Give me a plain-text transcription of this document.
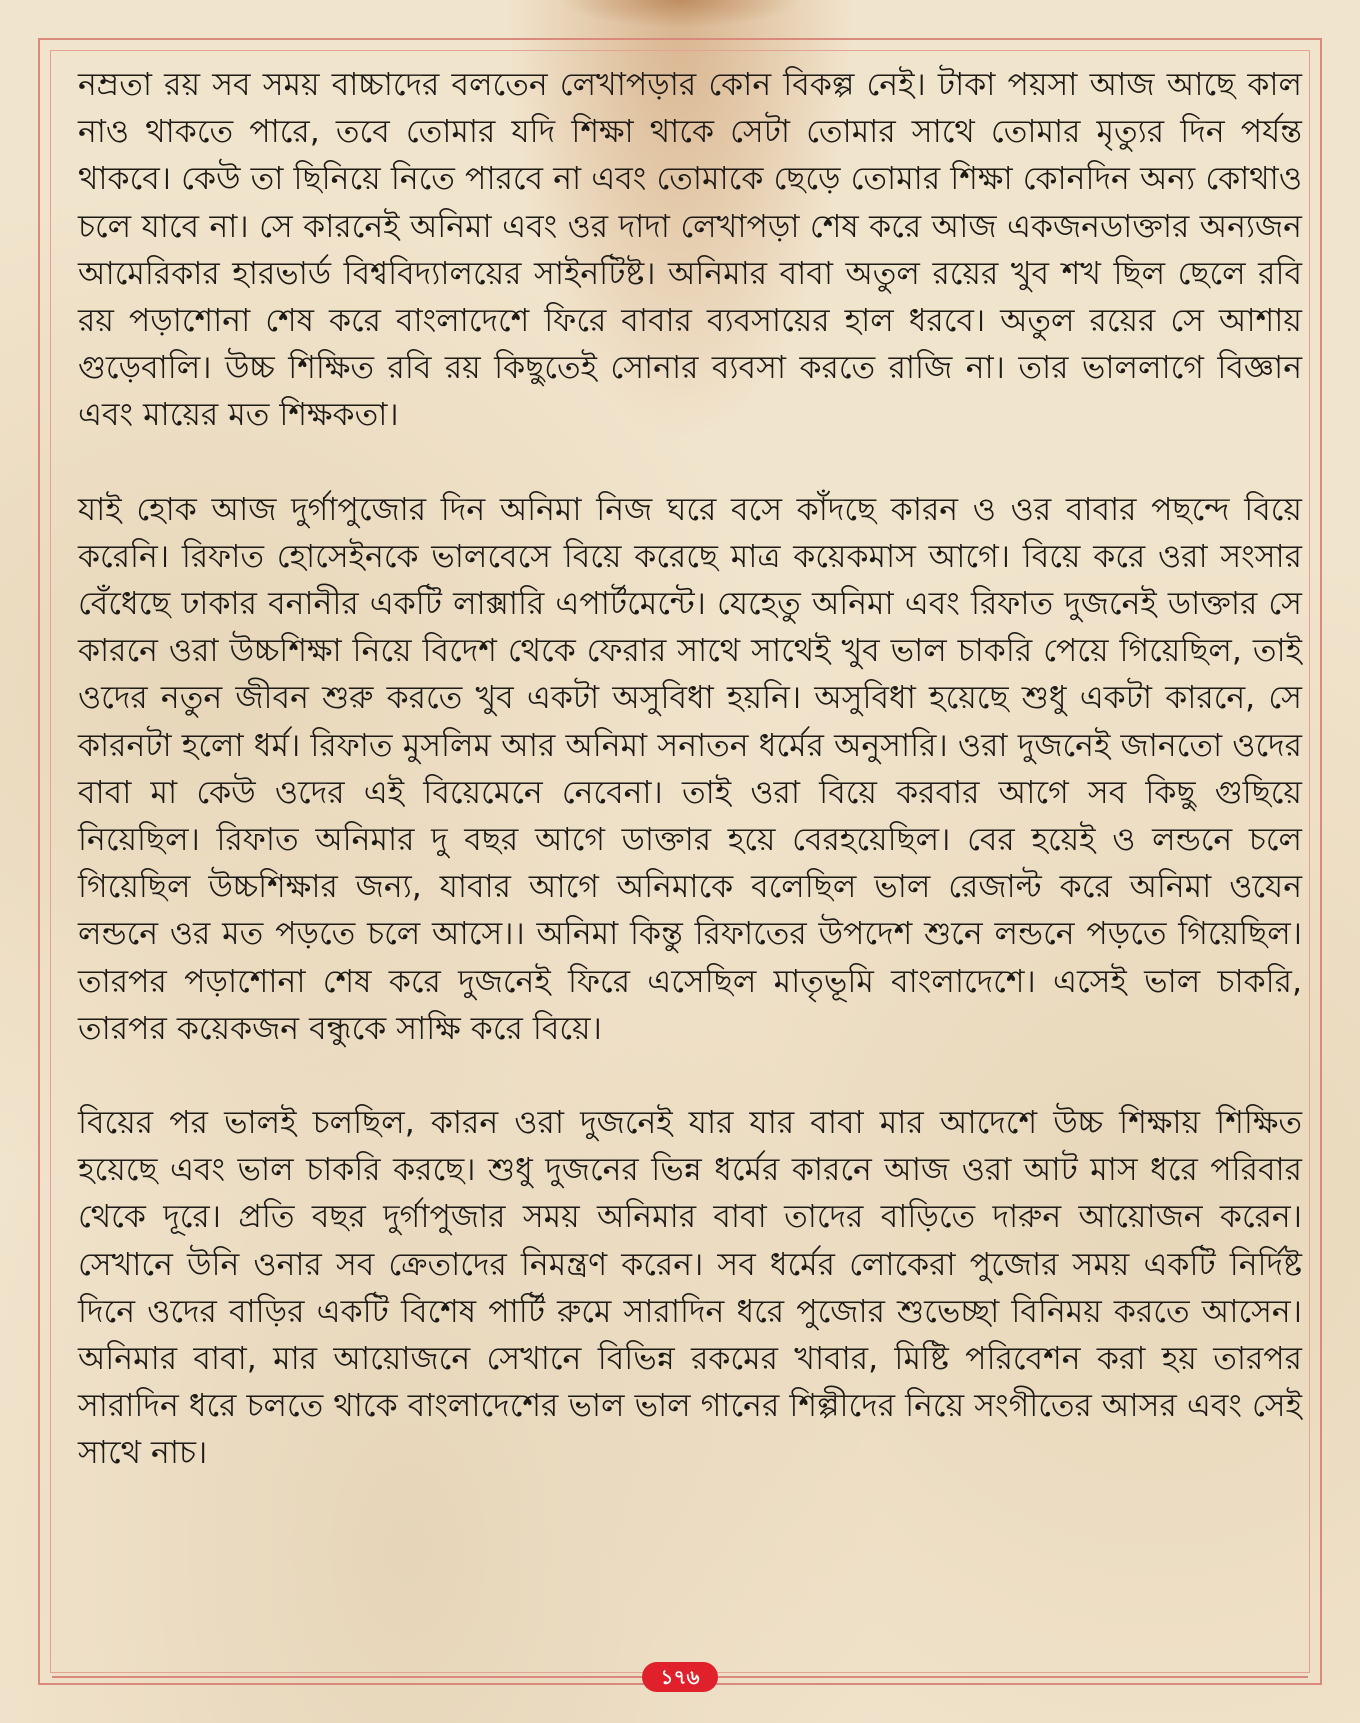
নম্রতা রয় সব সময় বাচ্চাদের বলতেন লেখাপড়ার কোন বিকল্প নেই। টাকা পয়সা আজ আছে কাল নাও থাকতে পারে, তবে তোমার যদি শিক্ষা থাকে সেটা তোমার সাথে তোমার মৃত্যুর দিন পর্যন্ত থাকবে। কেউ তা ছিনিয়ে নিতে পারবে না এবং তোমাকে ছেড়ে তোমার শিক্ষা কোনদিন অন্য কোথাও চলে যাবে না। সে কারনেই অনিমা এবং ওর দাদা লেখাপড়া শেষ করে আজ একজনডাক্তার অন্যজন আমেরিকার হারভার্ড বিশ্ববিদ্যালয়ের সাইনটিষ্ট। অনিমার বাবা অতুল রয়ের খুব শখ ছিল ছেলে রবি রয় পড়াশোনা শেষ করে বাংলাদেশে ফিরে বাবার ব্যবসায়ের হাল ধরবে। অতুল রয়ের সে আশায় গুড়েবালি। উচ্চ শিক্ষিত রবি রয় কিছুতেই সোনার ব্যবসা করতে রাজি না। তার ভাললাগে বিজ্ঞান এবং মায়ের মত শিক্ষকতা।

যাই হোক আজ দুর্গাপুজোর দিন অনিমা নিজ ঘরে বসে কাঁদছে কারন ও ওর বাবার পছন্দে বিয়ে করেনি। রিফাত হোসেইনকে ভালবেসে বিয়ে করেছে মাত্র কয়েকমাস আগে। বিয়ে করে ওরা সংসার বেঁধেছে ঢাকার বনানীর একটি লাক্সারি এপার্টমেন্টে। যেহেতু অনিমা এবং রিফাত দুজনেই ডাক্তার সে কারনে ওরা উচ্চশিক্ষা নিয়ে বিদেশ থেকে ফেরার সাথে সাথেই খুব ভাল চাকরি পেয়ে গিয়েছিল, তাই ওদের নতুন জীবন শুরু করতে খুব একটা অসুবিধা হয়নি। অসুবিধা হয়েছে শুধু একটা কারনে, সে কারনটা হলো ধর্ম। রিফাত মুসলিম আর অনিমা সনাতন ধর্মের অনুসারি। ওরা দুজনেই জানতো ওদের বাবা মা কেউ ওদের এই বিয়েমেনে নেবেনা। তাই ওরা বিয়ে করবার আগে সব কিছু গুছিয়ে নিয়েছিল। রিফাত অনিমার দু বছর আগে ডাক্তার হয়ে বেরহয়েছিল। বের হয়েই ও লন্ডনে চলে গিয়েছিল উচ্চশিক্ষার জন্য, যাবার আগে অনিমাকে বলেছিল ভাল রেজাল্ট করে অনিমা ওযেন লন্ডনে ওর মত পড়তে চলে আসে।। অনিমা কিন্তু রিফাতের উপদেশ শুনে লন্ডনে পড়তে গিয়েছিল। তারপর পড়াশোনা শেষ করে দুজনেই ফিরে এসেছিল মাতৃভূমি বাংলাদেশে। এসেই ভাল চাকরি, তারপর কয়েকজন বন্ধুকে সাক্ষি করে বিয়ে।

বিয়ের পর ভালই চলছিল, কারন ওরা দুজনেই যার যার বাবা মার আদেশে উচ্চ শিক্ষায় শিক্ষিত হয়েছে এবং ভাল চাকরি করছে। শুধু দুজনের ভিন্ন ধর্মের কারনে আজ ওরা আট মাস ধরে পরিবার থেকে দূরে। প্রতি বছর দুর্গাপুজার সময় অনিমার বাবা তাদের বাড়িতে দারুন আয়োজন করেন। সেখানে উনি ওনার সব ক্রেতাদের নিমন্ত্রণ করেন। সব ধর্মের লোকেরা পুজোর সময় একটি নির্দিষ্ট দিনে ওদের বাড়ির একটি বিশেষ পার্টি রুমে সারাদিন ধরে পুজোর শুভেচ্ছা বিনিময় করতে আসেন। অনিমার বাবা, মার আয়োজনে সেখানে বিভিন্ন রকমের খাবার, মিষ্টি পরিবেশন করা হয় তারপর সারাদিন ধরে চলতে থাকে বাংলাদেশের ভাল ভাল গানের শিল্পীদের নিয়ে সংগীতের আসর এবং সেই সাথে নাচ।

১৭৬
